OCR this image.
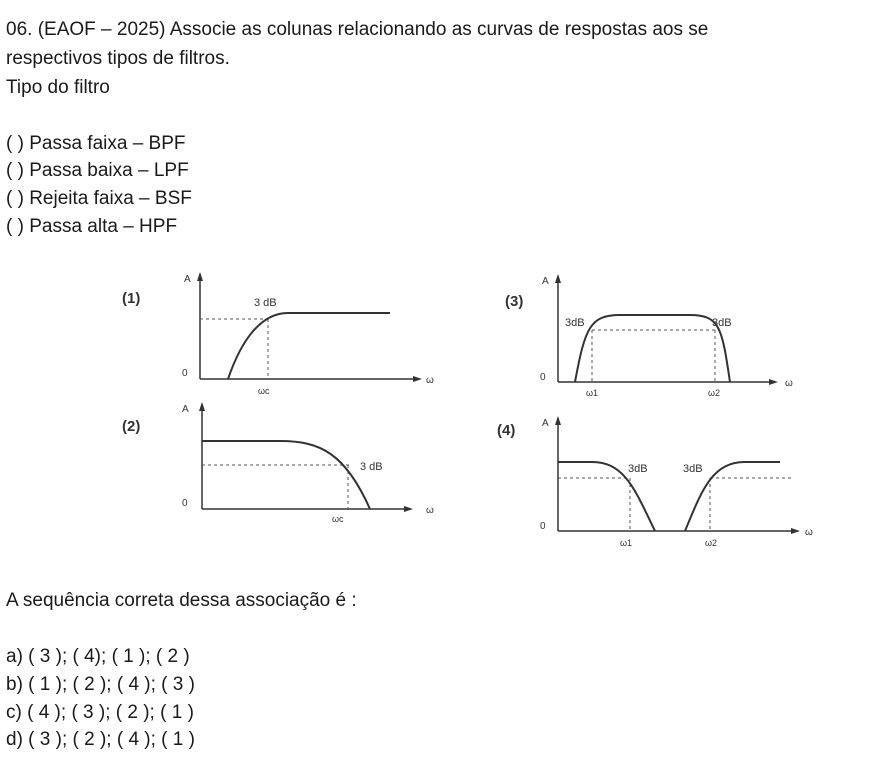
06. (EAOF – 2025) Associe as colunas relacionando as curvas de respostas aos se
respectivos tipos de filtros.
Tipo do filtro
( ) Passa faixa – BPF
( ) Passa baixa – LPF
( ) Rejeita faixa – BSF
( ) Passa alta – HPF
(1)
(2)
(3)
(4)
A
ω
0
3 dB
ωc
A
ω
0
3 dB
ωc
A
ω
0
3dB	3dB
ω1	ω2
A
ω
0
3dB	3dB
ω1	ω2
A sequência correta dessa associação é :
a) ( 3 ); ( 4); ( 1 ); ( 2 )
b) ( 1 ); ( 2 ); ( 4 ); ( 3 )
c) ( 4 ); ( 3 ); ( 2 ); ( 1 )
d) ( 3 ); ( 2 ); ( 4 ); ( 1 )
